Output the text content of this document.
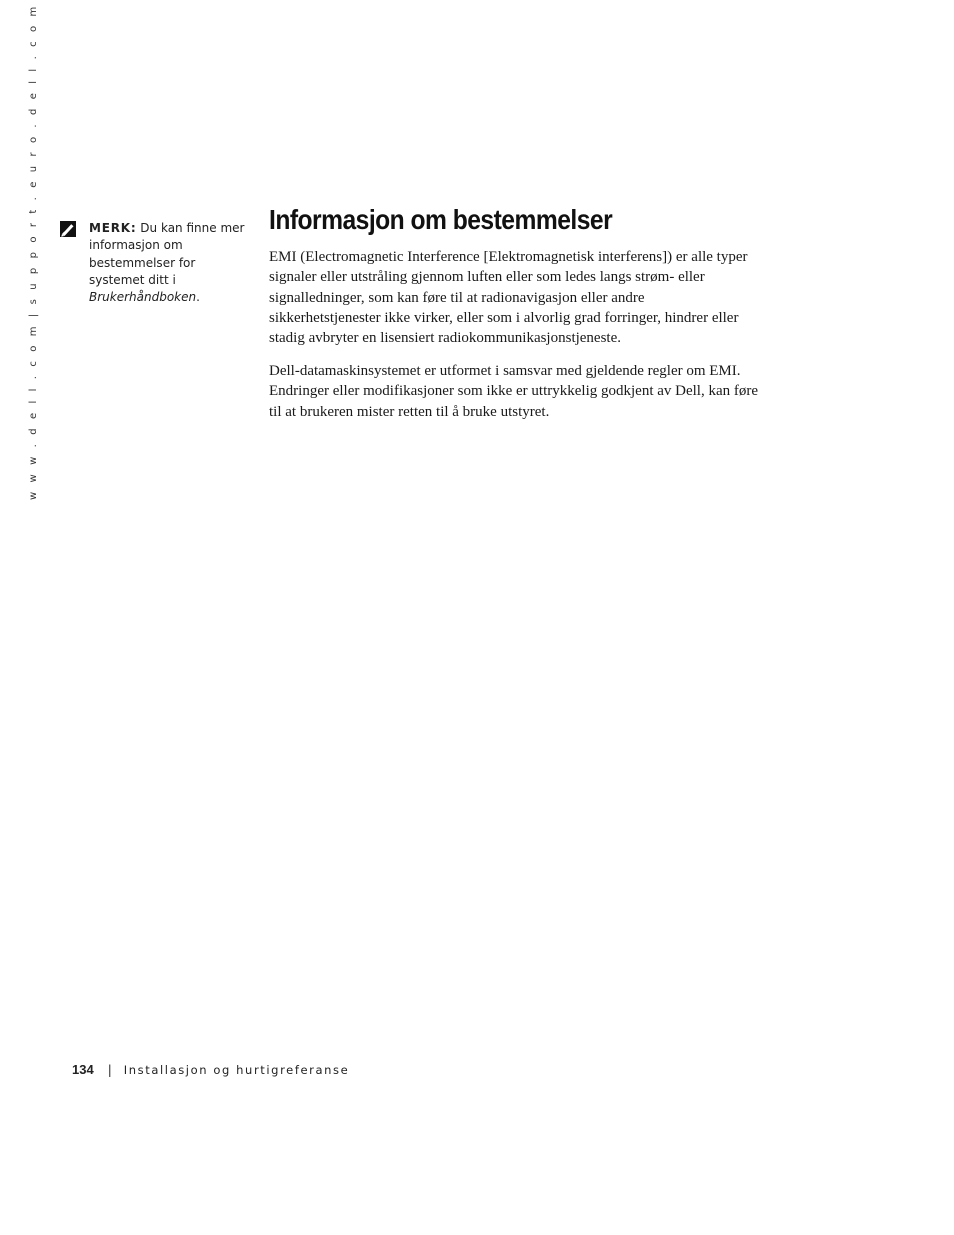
w w w . d e l l . c o m | s u p p o r t . e u r o . d e l l . c o m	MERK: Du kan finne mer informasjon om bestemmelser for systemet ditt i Brukerhåndboken.
Informasjon om bestemmelser

EMI (Electromagnetic Interference [Elektromagnetisk interferens]) er alle typer signaler eller utstråling gjennom luften eller som ledes langs strøm- eller signalledninger, som kan føre til at radionavigasjon eller andre sikkerhetstjenester ikke virker, eller som i alvorlig grad forringer, hindrer eller stadig avbryter en lisensiert radiokommunikasjonstjeneste.

Dell-datamaskinsystemet er utformet i samsvar med gjeldende regler om EMI. Endringer eller modifikasjoner som ikke er uttrykkelig godkjent av Dell, kan føre til at brukeren mister retten til å bruke utstyret.

134 | Installasjon og hurtigreferanse
